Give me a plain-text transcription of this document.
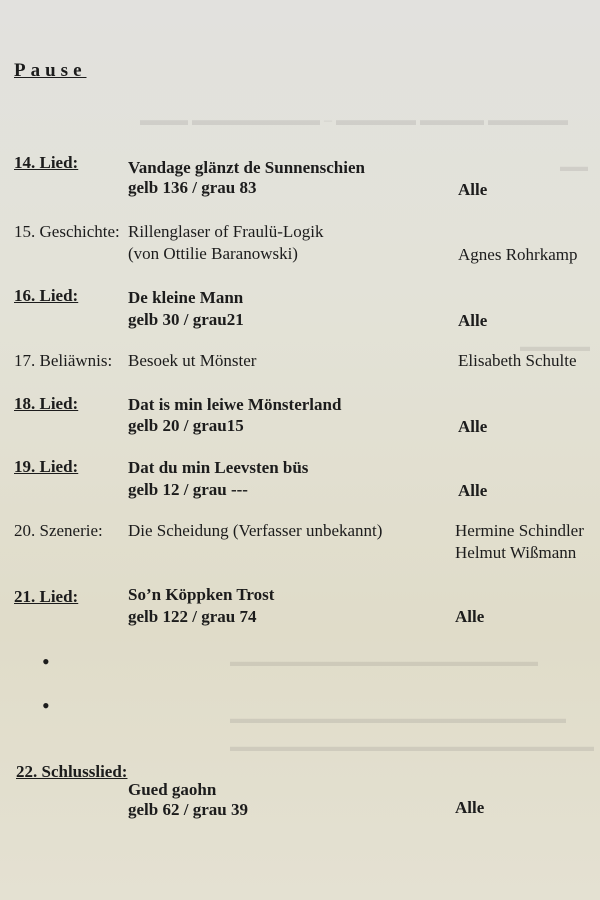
▬▬▬ ▬▬▬▬▬▬▬▬ – ▬▬▬▬▬ ▬▬▬▬ ▬▬▬▬▬
▬▬
▬▬▬▬▬
▬▬▬▬▬▬▬▬▬▬▬▬▬▬▬▬▬▬▬▬▬▬
▬▬▬▬▬▬▬▬▬▬▬▬▬▬▬▬▬▬▬▬▬▬▬▬
▬▬▬▬▬▬▬▬▬▬▬▬▬▬▬▬▬▬▬▬▬▬▬▬▬▬
Pause
14. Lied:	Vandage glänzt de Sunnenschien
gelb 136 / grau 83	Alle
15. Geschichte: Rillenglaser of Fraulü-Logik
(von Ottilie Baranowski)	Agnes Rohrkamp
16. Lied:	De kleine Mann
gelb 30 / grau21	Alle
17. Beliäwnis: Besoek ut Mönster	Elisabeth Schulte
18. Lied:	Dat is min leiwe Mönsterland
gelb 20 / grau15	Alle
19. Lied:	Dat du min Leevsten büs
gelb 12 / grau ---	Alle
20. Szenerie: Die Scheidung (Verfasser unbekannt)	Hermine Schindler
Helmut Wißmann
21. Lied:	So’n Köppken Trost
gelb 122 / grau 74	Alle
•
•
22. Schlusslied:
Gued gaohn
gelb 62 / grau 39	Alle
